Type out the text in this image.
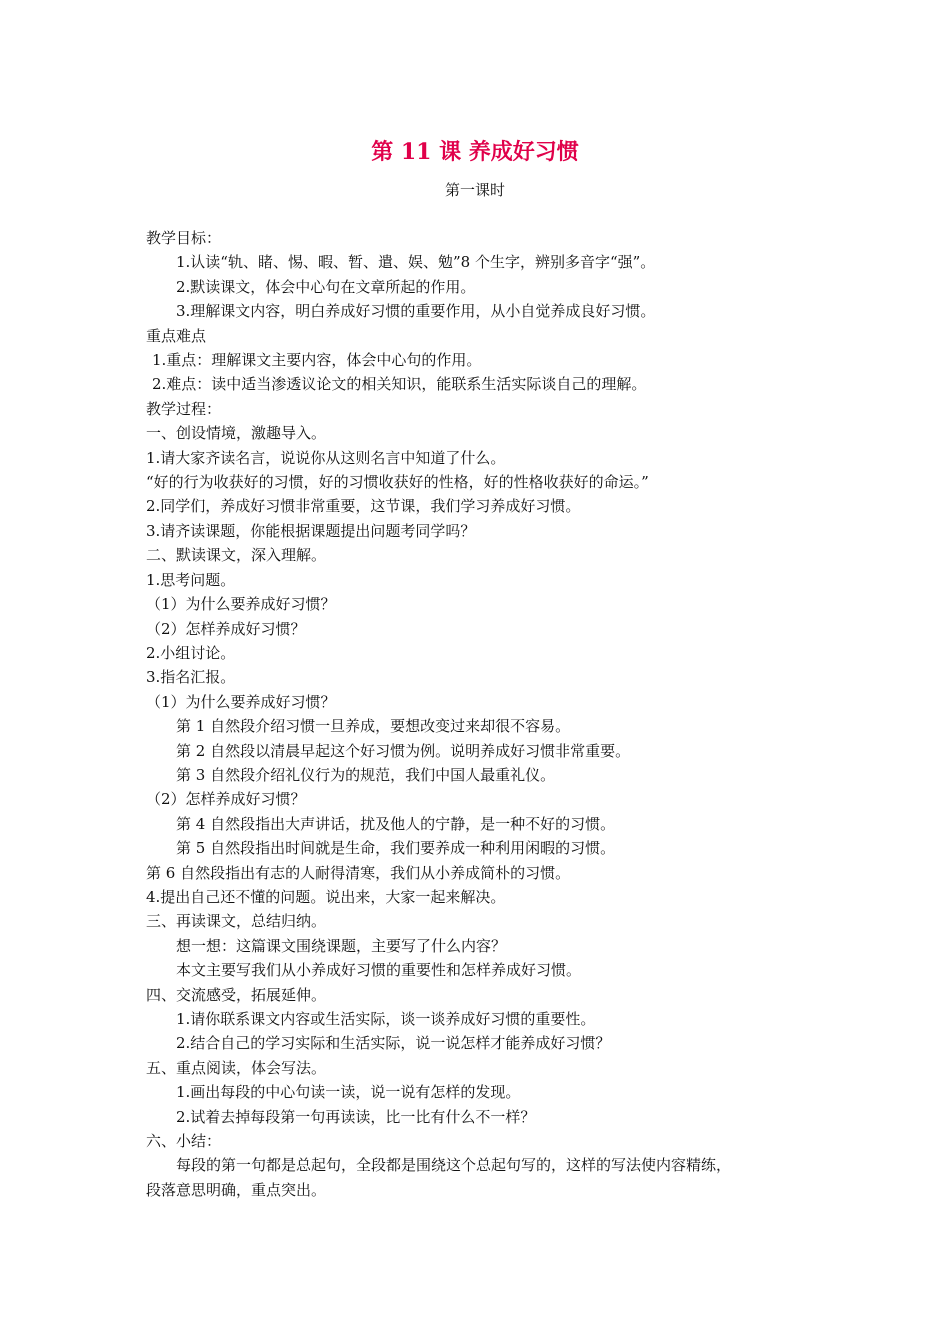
第 11 课 养成好习惯
第一课时
教学目标：
1.认读“轨、睹、惕、暇、暂、遣、娱、勉”8 个生字，辨别多音字“强”。
2.默读课文，体会中心句在文章所起的作用。
3.理解课文内容，明白养成好习惯的重要作用，从小自觉养成良好习惯。
重点难点
1.重点：理解课文主要内容，体会中心句的作用。
2.难点：读中适当渗透议论文的相关知识，能联系生活实际谈自己的理解。
教学过程：
一、创设情境，激趣导入。
1.请大家齐读名言，说说你从这则名言中知道了什么。
“好的行为收获好的习惯，好的习惯收获好的性格，好的性格收获好的命运。”
2.同学们，养成好习惯非常重要，这节课，我们学习养成好习惯。
3.请齐读课题，你能根据课题提出问题考同学吗？
二、默读课文，深入理解。
1.思考问题。
（1）为什么要养成好习惯？
（2）怎样养成好习惯？
2.小组讨论。
3.指名汇报。
（1）为什么要养成好习惯？
第 1 自然段介绍习惯一旦养成，要想改变过来却很不容易。
第 2 自然段以清晨早起这个好习惯为例。说明养成好习惯非常重要。
第 3 自然段介绍礼仪行为的规范，我们中国人最重礼仪。
（2）怎样养成好习惯？
第 4 自然段指出大声讲话，扰及他人的宁静，是一种不好的习惯。
第 5 自然段指出时间就是生命，我们要养成一种利用闲暇的习惯。
第 6 自然段指出有志的人耐得清寒，我们从小养成简朴的习惯。
4.提出自己还不懂的问题。说出来，大家一起来解决。
三、再读课文，总结归纳。
想一想：这篇课文围绕课题，主要写了什么内容？
本文主要写我们从小养成好习惯的重要性和怎样养成好习惯。
四、交流感受，拓展延伸。
1.请你联系课文内容或生活实际，谈一谈养成好习惯的重要性。
2.结合自己的学习实际和生活实际，说一说怎样才能养成好习惯？
五、重点阅读，体会写法。
1.画出每段的中心句读一读，说一说有怎样的发现。
2.试着去掉每段第一句再读读，比一比有什么不一样？
六、小结：
每段的第一句都是总起句，全段都是围绕这个总起句写的，这样的写法使内容精练，
段落意思明确，重点突出。
